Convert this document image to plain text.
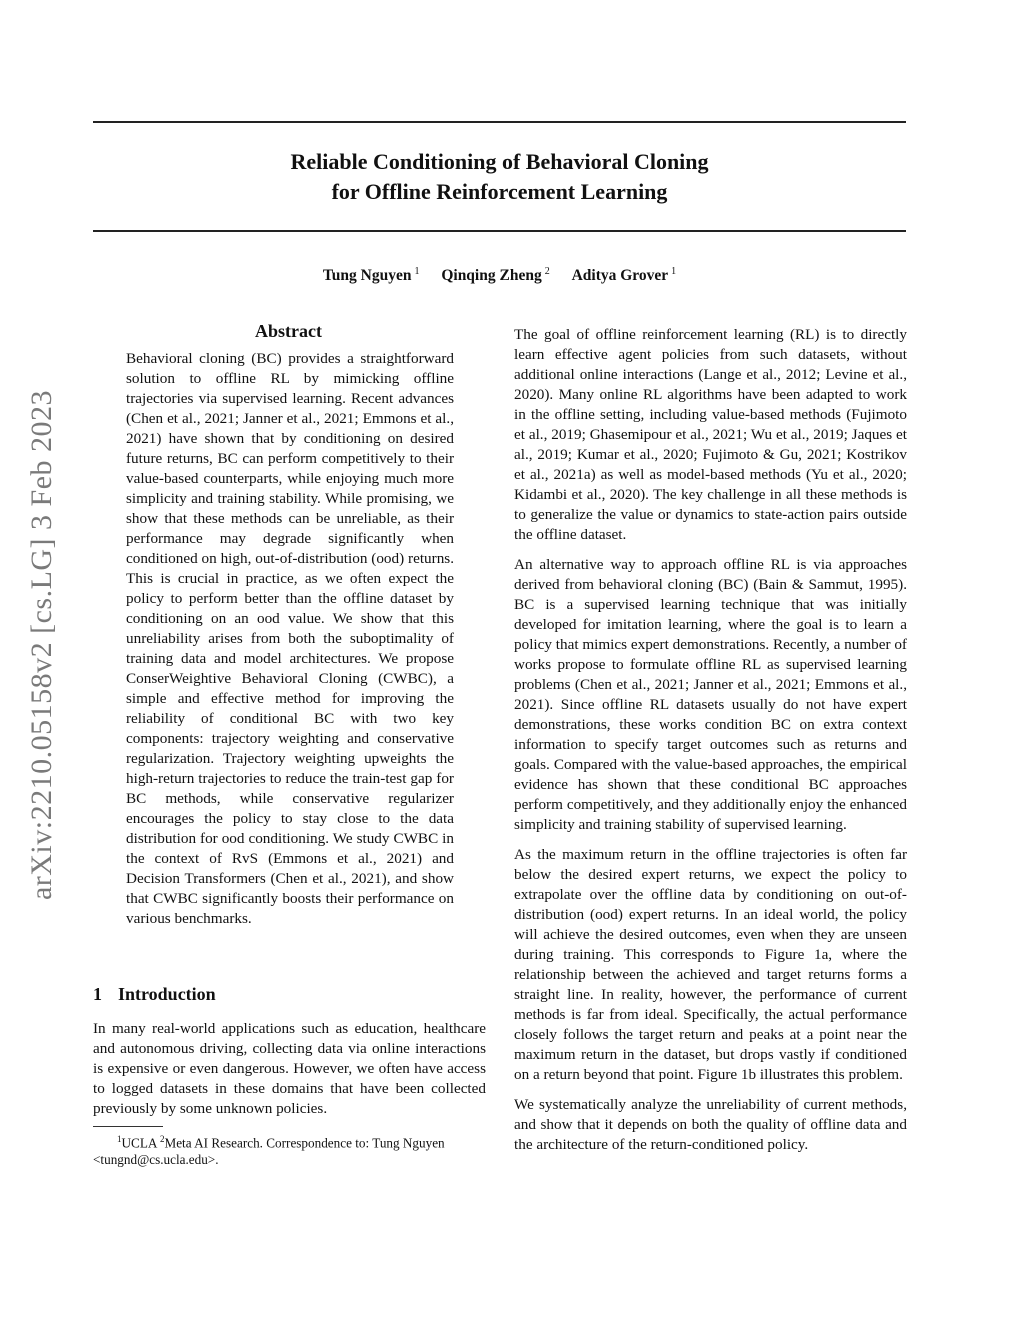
Reliable Conditioning of Behavioral Cloning
for Offline Reinforcement Learning
Tung Nguyen $^1$ Qinqing Zheng $^2$ Aditya Grover $^1$
arXiv:2210.05158v2 [cs.LG] 3 Feb 2023
Abstract
Behavioral cloning (BC) provides a straightforward solution to offline RL by mimicking offline trajectories via supervised learning. Recent advances (Chen et al., 2021; Janner et al., 2021; Emmons et al., 2021) have shown that by conditioning on desired future returns, BC can perform competitively to their value-based counterparts, while enjoying much more simplicity and training stability. While promising, we show that these methods can be unreliable, as their performance may degrade significantly when conditioned on high, out-of-distribution (ood) returns. This is crucial in practice, as we often expect the policy to perform better than the offline dataset by conditioning on an ood value. We show that this unreliability arises from both the suboptimality of training data and model architectures. We propose ConserWeightive Behavioral Cloning (CWBC), a simple and effective method for improving the reliability of conditional BC with two key components: trajectory weighting and conservative regularization. Trajectory weighting upweights the high-return trajectories to reduce the train-test gap for BC methods, while conservative regularizer encourages the policy to stay close to the data distribution for ood conditioning. We study CWBC in the context of RvS (Emmons et al., 2021) and Decision Transformers (Chen et al., 2021), and show that CWBC significantly boosts their performance on various benchmarks.
1 Introduction
In many real-world applications such as education, healthcare and autonomous driving, collecting data via online interactions is expensive or even dangerous. However, we often have access to logged datasets in these domains that have been collected previously by some unknown policies.
$^1$UCLA $^2$Meta AI Research. Correspondence to: Tung Nguyen
<tungnd@cs.ucla.edu>.

The goal of offline reinforcement learning (RL) is to directly learn effective agent policies from such datasets, without additional online interactions (Lange et al., 2012; Levine et al., 2020). Many online RL algorithms have been adapted to work in the offline setting, including value-based methods (Fujimoto et al., 2019; Ghasemipour et al., 2021; Wu et al., 2019; Jaques et al., 2019; Kumar et al., 2020; Fujimoto & Gu, 2021; Kostrikov et al., 2021a) as well as model-based methods (Yu et al., 2020; Kidambi et al., 2020). The key challenge in all these methods is to generalize the value or dynamics to state-action pairs outside the offline dataset.

An alternative way to approach offline RL is via approaches derived from behavioral cloning (BC) (Bain & Sammut, 1995). BC is a supervised learning technique that was initially developed for imitation learning, where the goal is to learn a policy that mimics expert demonstrations. Recently, a number of works propose to formulate offline RL as supervised learning problems (Chen et al., 2021; Janner et al., 2021; Emmons et al., 2021). Since offline RL datasets usually do not have expert demonstrations, these works condition BC on extra context information to specify target outcomes such as returns and goals. Compared with the value-based approaches, the empirical evidence has shown that these conditional BC approaches perform competitively, and they additionally enjoy the enhanced simplicity and training stability of supervised learning.

As the maximum return in the offline trajectories is often far below the desired expert returns, we expect the policy to extrapolate over the offline data by conditioning on out-of-distribution (ood) expert returns. In an ideal world, the policy will achieve the desired outcomes, even when they are unseen during training. This corresponds to Figure 1a, where the relationship between the achieved and target returns forms a straight line. In reality, however, the performance of current methods is far from ideal. Specifically, the actual performance closely follows the target return and peaks at a point near the maximum return in the dataset, but drops vastly if conditioned on a return beyond that point. Figure 1b illustrates this problem.

We systematically analyze the unreliability of current methods, and show that it depends on both the quality of offline data and the architecture of the return-conditioned policy.
